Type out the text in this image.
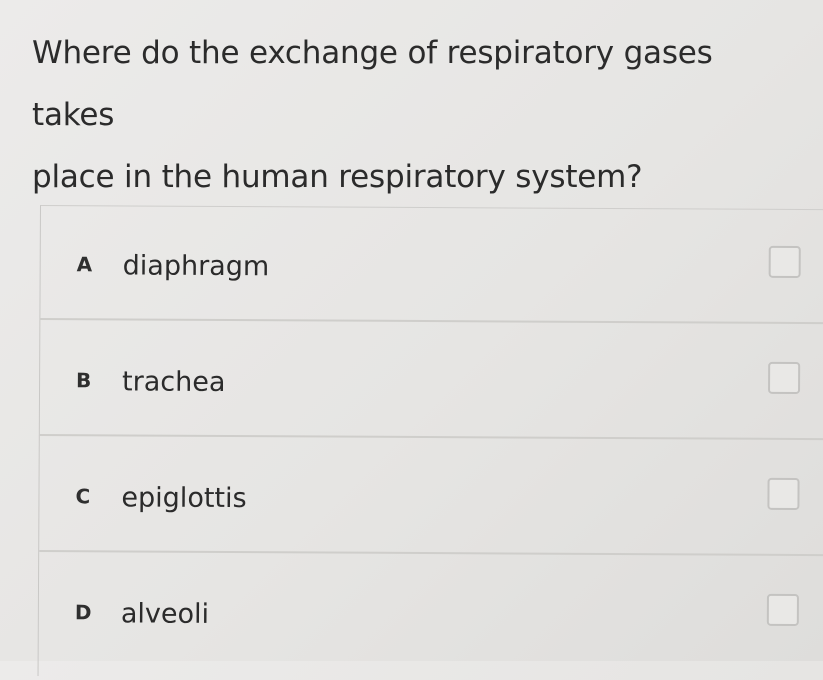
Where do the exchange of respiratory gases takes
place in the human respiratory system?
A diaphragm
B trachea
C epiglottis
D alveoli
